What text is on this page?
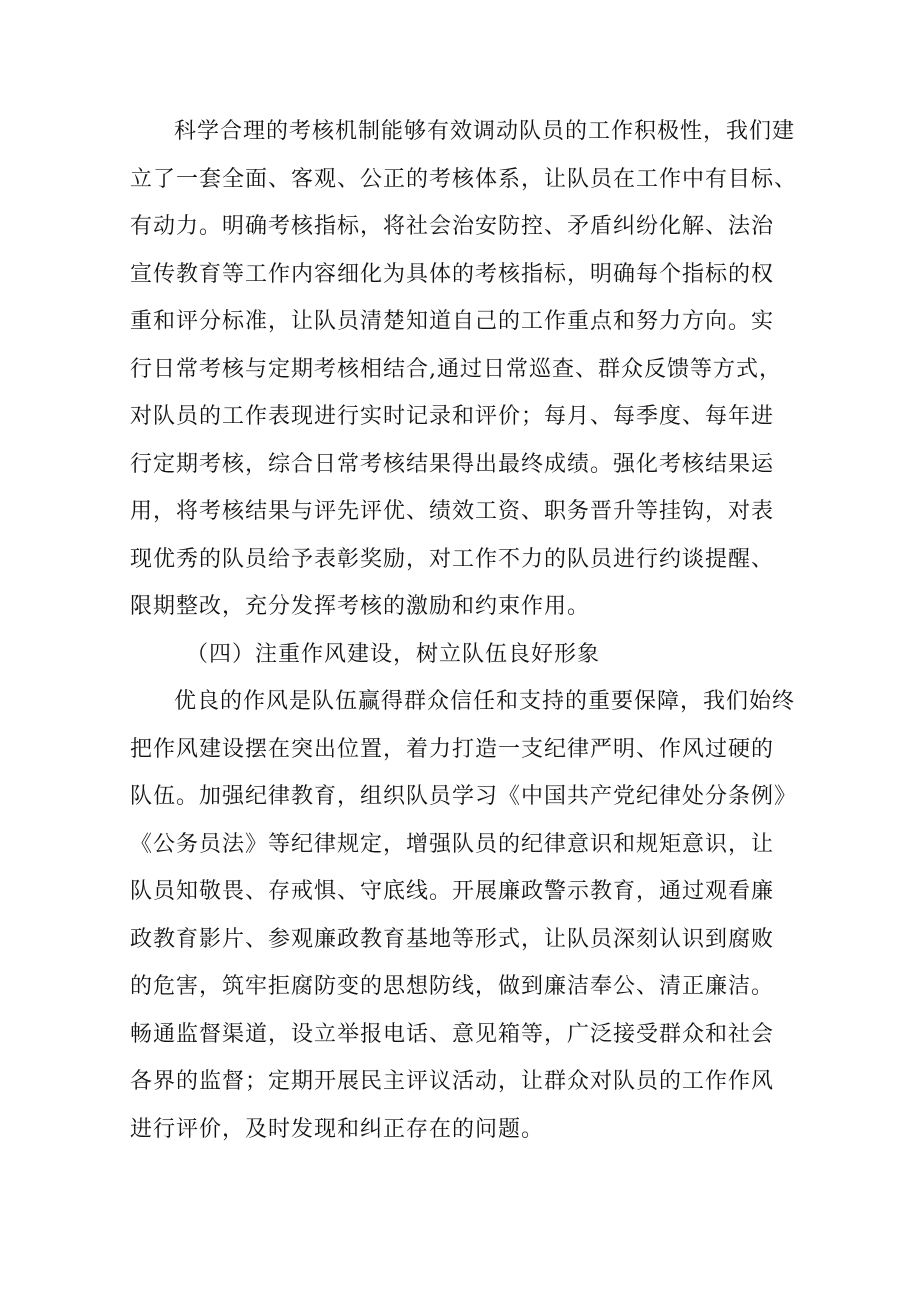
科学合理的考核机制能够有效调动队员的工作积极性，我们建
立了一套全面、客观、公正的考核体系，让队员在工作中有目标、
有动力。明确考核指标，将社会治安防控、矛盾纠纷化解、法治
宣传教育等工作内容细化为具体的考核指标，明确每个指标的权
重和评分标准，让队员清楚知道自己的工作重点和努力方向。实
行日常考核与定期考核相结合,通过日常巡查、群众反馈等方式，
对队员的工作表现进行实时记录和评价；每月、每季度、每年进
行定期考核，综合日常考核结果得出最终成绩。强化考核结果运
用，将考核结果与评先评优、绩效工资、职务晋升等挂钩，对表
现优秀的队员给予表彰奖励，对工作不力的队员进行约谈提醒、
限期整改，充分发挥考核的激励和约束作用。
（四）注重作风建设，树立队伍良好形象
优良的作风是队伍赢得群众信任和支持的重要保障，我们始终
把作风建设摆在突出位置，着力打造一支纪律严明、作风过硬的
队伍。加强纪律教育，组织队员学习《中国共产党纪律处分条例》
《公务员法》等纪律规定，增强队员的纪律意识和规矩意识，让
队员知敬畏、存戒惧、守底线。开展廉政警示教育，通过观看廉
政教育影片、参观廉政教育基地等形式，让队员深刻认识到腐败
的危害，筑牢拒腐防变的思想防线，做到廉洁奉公、清正廉洁。
畅通监督渠道，设立举报电话、意见箱等，广泛接受群众和社会
各界的监督；定期开展民主评议活动，让群众对队员的工作作风
进行评价，及时发现和纠正存在的问题。
